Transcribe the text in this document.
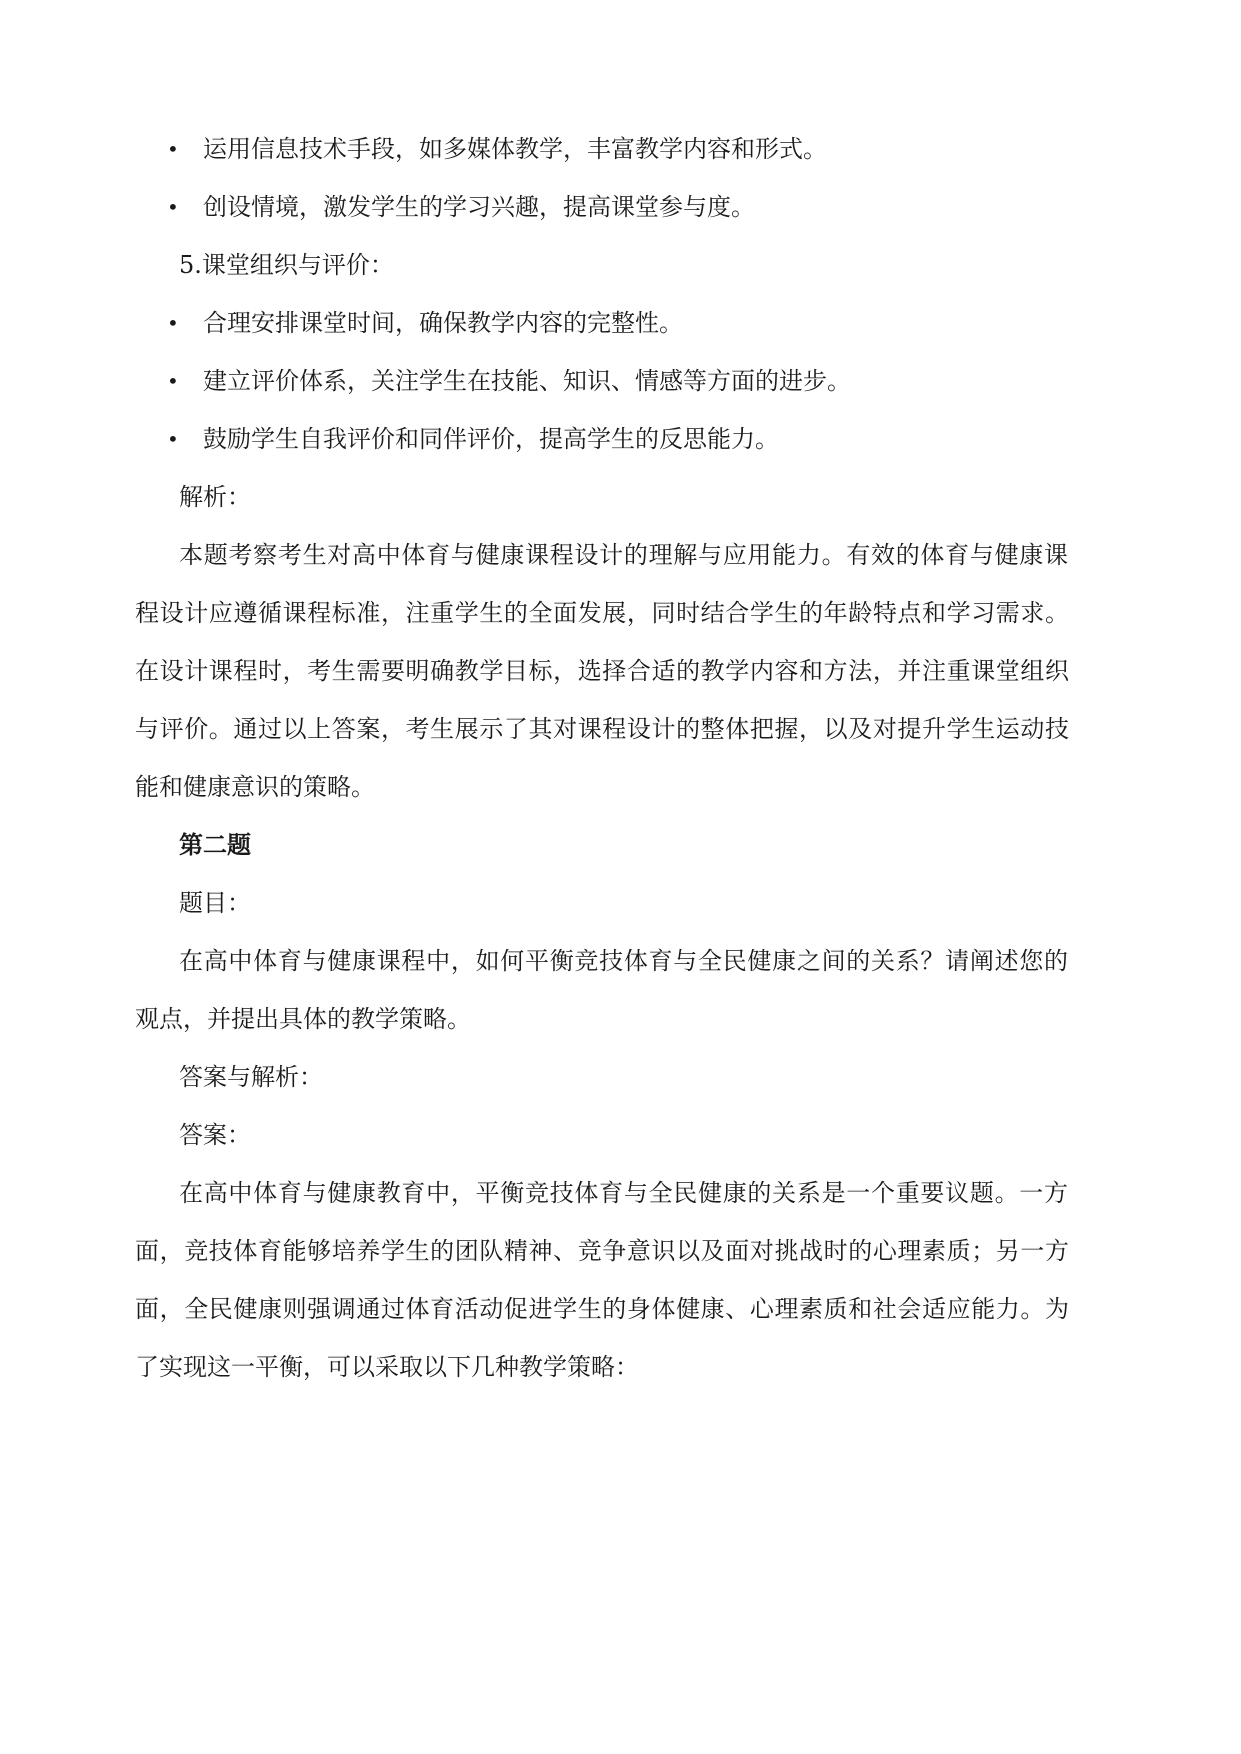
• 运用信息技术手段，如多媒体教学，丰富教学内容和形式。
• 创设情境，激发学生的学习兴趣，提高课堂参与度。
5.课堂组织与评价：
• 合理安排课堂时间，确保教学内容的完整性。
• 建立评价体系，关注学生在技能、知识、情感等方面的进步。
• 鼓励学生自我评价和同伴评价，提高学生的反思能力。
解析：
本题考察考生对高中体育与健康课程设计的理解与应用能力。有效的体育与健康课
程设计应遵循课程标准，注重学生的全面发展，同时结合学生的年龄特点和学习需求。
在设计课程时，考生需要明确教学目标，选择合适的教学内容和方法，并注重课堂组织
与评价。通过以上答案，考生展示了其对课程设计的整体把握，以及对提升学生运动技
能和健康意识的策略。
第二题
题目：
在高中体育与健康课程中，如何平衡竞技体育与全民健康之间的关系？请阐述您的
观点，并提出具体的教学策略。
答案与解析：
答案：
在高中体育与健康教育中，平衡竞技体育与全民健康的关系是一个重要议题。一方
面，竞技体育能够培养学生的团队精神、竞争意识以及面对挑战时的心理素质；另一方
面，全民健康则强调通过体育活动促进学生的身体健康、心理素质和社会适应能力。为
了实现这一平衡，可以采取以下几种教学策略：
